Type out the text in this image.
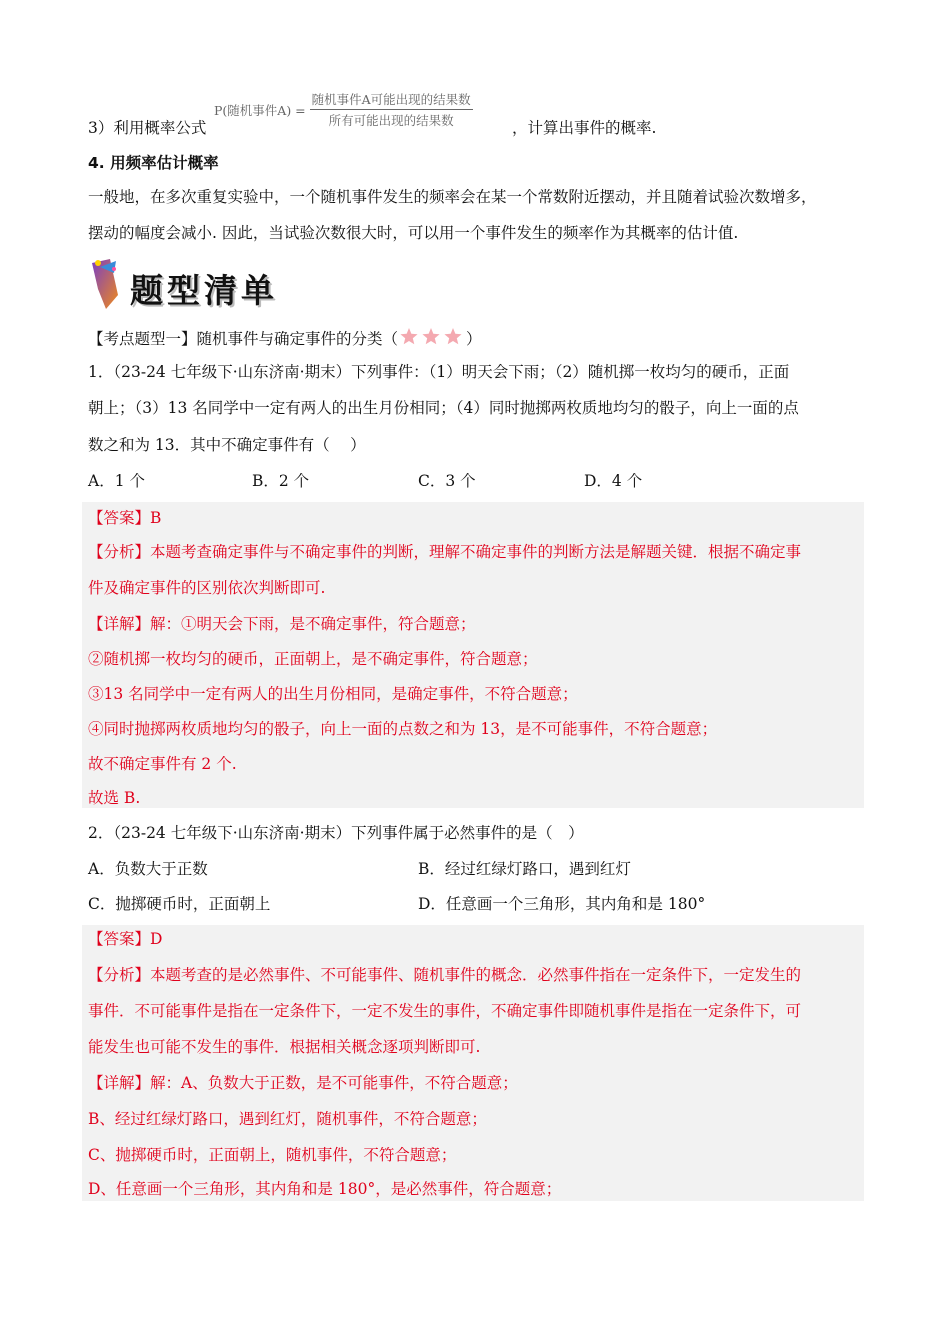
P(随机事件$A) = \frac{\text{随机事件A可能出现的结果数}}{\text{所有可能出现的结果数}}$
3）利用概率公式	，计算出事件的概率.
4. 用频率估计概率
一般地，在多次重复实验中，一个随机事件发生的频率会在某一个常数附近摆动，并且随着试验次数增多，
摆动的幅度会减小. 因此，当试验次数很大时，可以用一个事件发生的频率作为其概率的估计值.
题型清单
【考点题型一】随机事件与确定事件的分类（	）
1．（23-24 七年级下·山东济南·期末）下列事件：（1）明天会下雨；（2）随机掷一枚均匀的硬币，正面
朝上；（3）13 名同学中一定有两人的出生月份相同；（4）同时抛掷两枚质地均匀的骰子，向上一面的点
数之和为 13．其中不确定事件有（　 ）
A．1 个	B．2 个	C．3 个	D．4 个
【答案】B
【分析】本题考查确定事件与不确定事件的判断，理解不确定事件的判断方法是解题关键．根据不确定事
件及确定事件的区别依次判断即可.
【详解】解：①明天会下雨，是不确定事件，符合题意；
②随机掷一枚均匀的硬币，正面朝上，是不确定事件，符合题意；
③13 名同学中一定有两人的出生月份相同，是确定事件，不符合题意；
④同时抛掷两枚质地均匀的骰子，向上一面的点数之和为 13，是不可能事件，不符合题意；
故不确定事件有 2 个.
故选 B.
2．（23-24 七年级下·山东济南·期末）下列事件属于必然事件的是（　）
A．负数大于正数	B．经过红绿灯路口，遇到红灯
C．抛掷硬币时，正面朝上	D．任意画一个三角形，其内角和是 180°
【答案】D
【分析】本题考查的是必然事件、不可能事件、随机事件的概念．必然事件指在一定条件下，一定发生的
事件．不可能事件是指在一定条件下，一定不发生的事件，不确定事件即随机事件是指在一定条件下，可
能发生也可能不发生的事件．根据相关概念逐项判断即可.
【详解】解：A、负数大于正数，是不可能事件，不符合题意；
B、经过红绿灯路口，遇到红灯，随机事件，不符合题意；
C、抛掷硬币时，正面朝上，随机事件，不符合题意；
D、任意画一个三角形，其内角和是 180°，是必然事件，符合题意；
